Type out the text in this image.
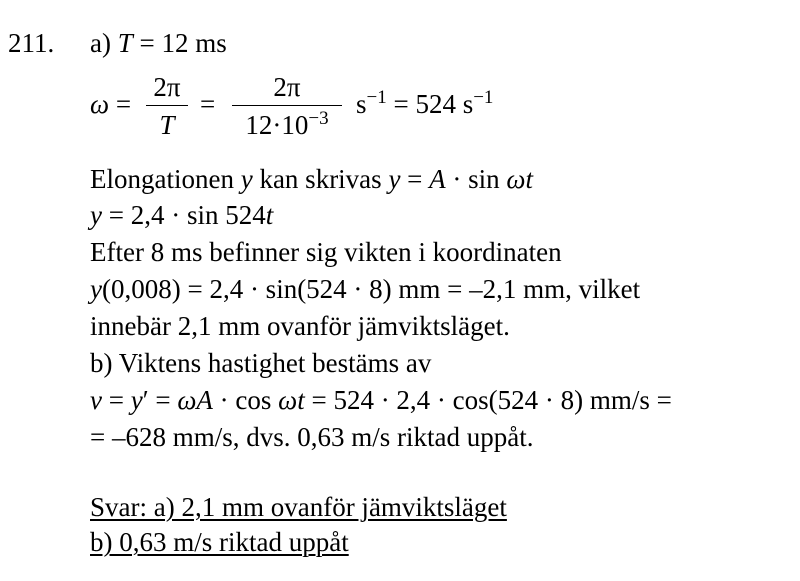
211. a) T = 12 ms
ω =
2π
T
=
2π
$12\cdot 10^{-3}$	$s^{-1} = 524$ $s^{-1}$
Elongationen y kan skrivas y = A · sin ωt
y = 2,4 · sin 524t
Efter 8 ms befinner sig vikten i koordinaten
y(0,008) = 2,4 · sin(524 · 8) mm = –2,1 mm, vilket
innebär 2,1 mm ovanför jämviktsläget.
b) Viktens hastighet bestäms av
v = y′ = ωA · cos ωt = 524 · 2,4 · cos(524 · 8) mm/s =
= –628 mm/s, dvs. 0,63 m/s riktad uppåt.
Svar: a) 2,1 mm ovanför jämviktsläget
b) 0,63 m/s riktad uppåt
